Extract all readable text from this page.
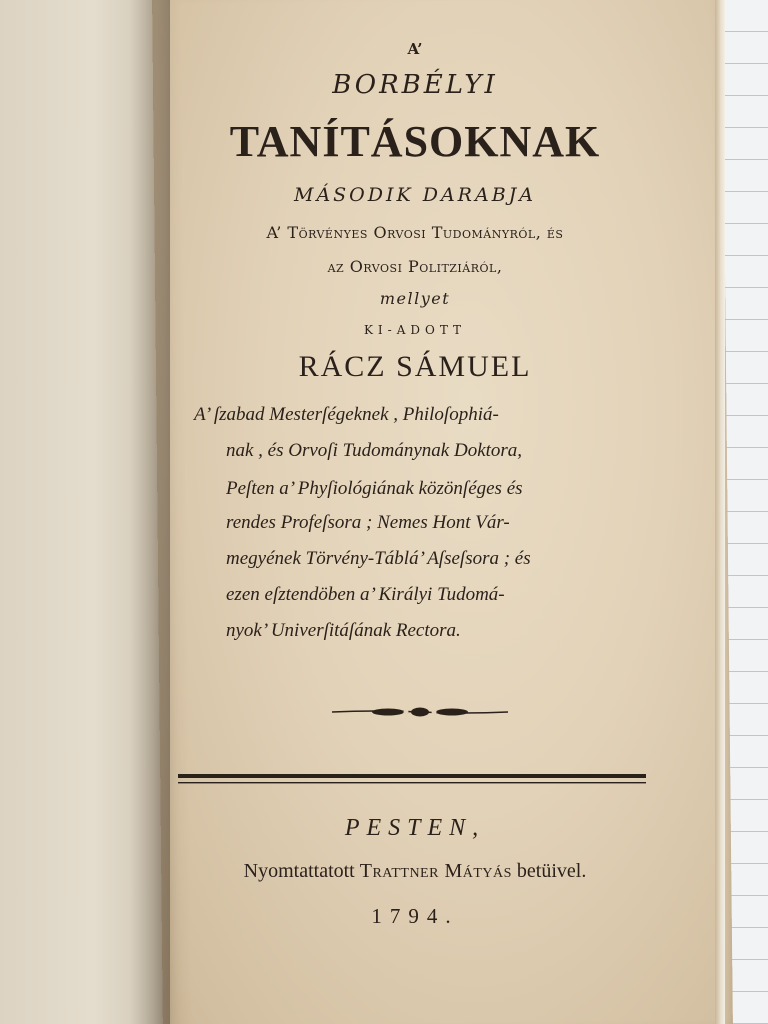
A’
BORBÉLYI
TANÍTÁSOKNAK
MÁSODIK DARABJA
A’ Törvényes Orvosi Tudományról, és
az Orvosi Politziáról,
mellyet
KI-ADOTT
RÁCZ SÁMUEL
A’ ſzabad Mesterſégeknek , Philoſophiá-
nak , és Orvoſi Tudománynak Doktora,
Peſten a’ Phyſiológiának közönſéges és
rendes Profeſsora ; Nemes Hont Vár-
megyének Törvény-Táblá’ Aſseſsora ; és
ezen eſztendöben a’ Királyi Tudomá-
nyok’ Univerſitáſának Rectora.
PESTEN,
Nyomtattatott Trattner Mátyás betüivel.
1794.
